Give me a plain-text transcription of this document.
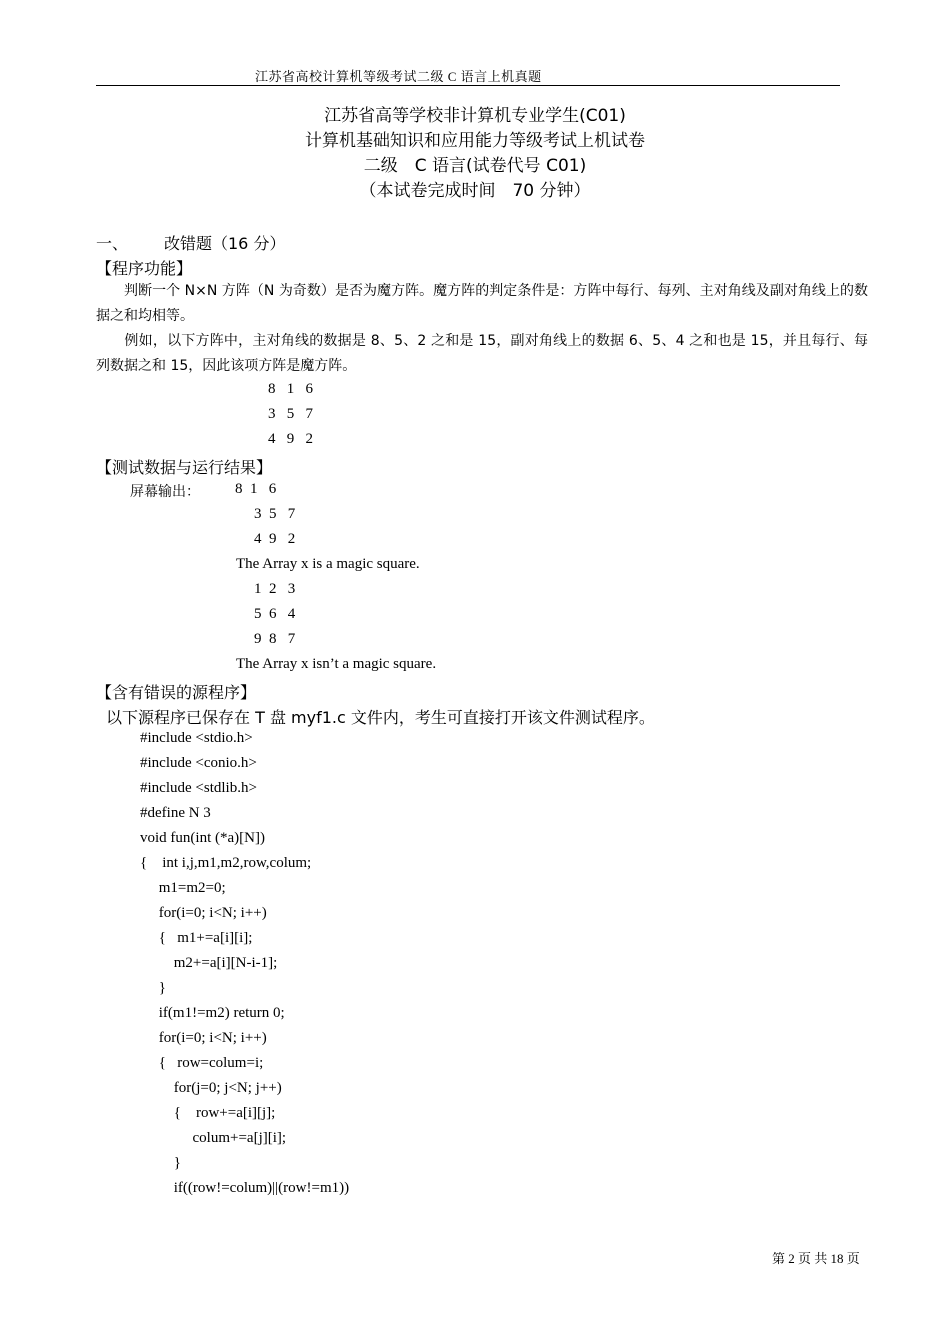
江苏省高校计算机等级考试二级 C 语言上机真题
江苏省高等学校非计算机专业学生(C01)
计算机基础知识和应用能力等级考试上机试卷
二级　C 语言(试卷代号 C01)
（本试卷完成时间　70 分钟）
一、 改错题（16 分）
【程序功能】
　　判断一个 N×N 方阵（N 为奇数）是否为魔方阵。魔方阵的判定条件是：方阵中每行、每列、主对角线及副对角线上的数据之和均相等。
　　例如，以下方阵中，主对角线的数据是 8、5、2 之和是 15，副对角线上的数据 6、5、4 之和也是 15，并且每行、每列数据之和 15，因此该项方阵是魔方阵。
8   1   6
3   5   7
4   9   2
【测试数据与运行结果】
屏幕输出： 8  1   6
3  5   7
4  9   2
The Array x is a magic square.
1  2   3
5  6   4
9  8   7
The Array x isn’t a magic square.
【含有错误的源程序】
以下源程序已保存在 T 盘 myf1.c 文件内，考生可直接打开该文件测试程序。
#include <stdio.h>
#include <conio.h>
#include <stdlib.h>
#define N 3
void fun(int (*a)[N])
{    int i,j,m1,m2,row,colum;
m1=m2=0;
for(i=0; i<N; i++)
{   m1+=a[i][i];
m2+=a[i][N-i-1];
}
if(m1!=m2) return 0;
for(i=0; i<N; i++)
{   row=colum=i;
for(j=0; j<N; j++)
{    row+=a[i][j];
colum+=a[j][i];
}
if((row!=colum)||(row!=m1))
第 2 页 共 18 页
